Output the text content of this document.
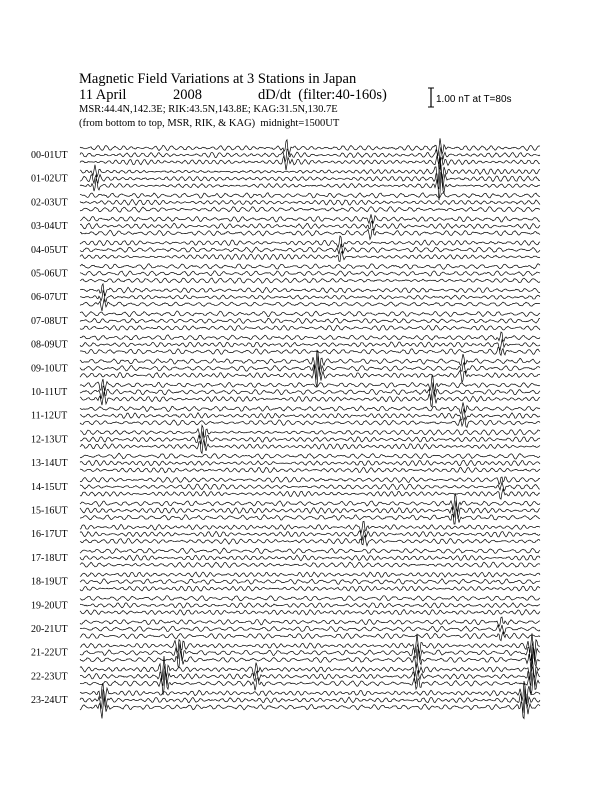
Magnetic Field Variations at 3 Stations in Japan
11 April	2008	dD/dt  (filter:40-160s)
MSR:44.4N,142.3E; RIK:43.5N,143.8E; KAG:31.5N,130.7E
(from bottom to top, MSR, RIK, & KAG)  midnight=1500UT
1.00 nT at T=80s
00-01UT
01-02UT
02-03UT
03-04UT
04-05UT
05-06UT
06-07UT
07-08UT
08-09UT
09-10UT
10-11UT
11-12UT
12-13UT
13-14UT
14-15UT
15-16UT
16-17UT
17-18UT
18-19UT
19-20UT
20-21UT
21-22UT
22-23UT
23-24UT
